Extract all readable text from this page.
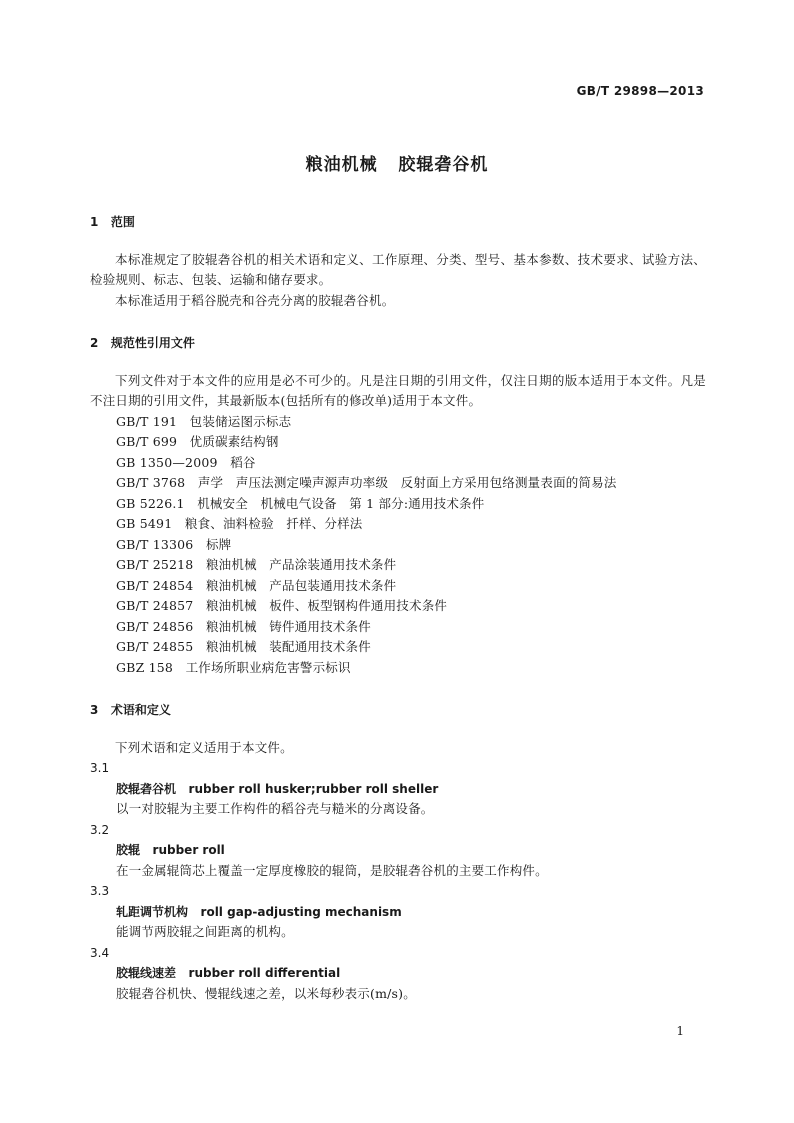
GB/T 29898—2013
粮油机械   胶辊砻谷机

1   范围

本标准规定了胶辊砻谷机的相关术语和定义、工作原理、分类、型号、基本参数、技术要求、试验方法、检验规则、标志、包装、运输和储存要求。

本标准适用于稻谷脱壳和谷壳分离的胶辊砻谷机。

2   规范性引用文件

下列文件对于本文件的应用是必不可少的。凡是注日期的引用文件，仅注日期的版本适用于本文件。凡是不注日期的引用文件，其最新版本(包括所有的修改单)适用于本文件。

GB/T 191   包装储运图示标志
GB/T 699   优质碳素结构钢
GB 1350—2009   稻谷
GB/T 3768   声学   声压法测定噪声源声功率级   反射面上方采用包络测量表面的简易法
GB 5226.1   机械安全   机械电气设备   第 1 部分:通用技术条件
GB 5491   粮食、油料检验   扦样、分样法
GB/T 13306   标牌
GB/T 25218   粮油机械   产品涂装通用技术条件
GB/T 24854   粮油机械   产品包装通用技术条件
GB/T 24857   粮油机械   板件、板型钢构件通用技术条件
GB/T 24856   粮油机械   铸件通用技术条件
GB/T 24855   粮油机械   装配通用技术条件
GBZ 158   工作场所职业病危害警示标识

3   术语和定义

下列术语和定义适用于本文件。

3.1

胶辊砻谷机   rubber roll husker;rubber roll sheller

以一对胶辊为主要工作构件的稻谷壳与糙米的分离设备。

3.2

胶辊   rubber roll

在一金属辊筒芯上覆盖一定厚度橡胶的辊筒，是胶辊砻谷机的主要工作构件。

3.3

轧距调节机构   roll gap-adjusting mechanism

能调节两胶辊之间距离的机构。

3.4

胶辊线速差   rubber roll differential

胶辊砻谷机快、慢辊线速之差，以米每秒表示(m/s)。

1
